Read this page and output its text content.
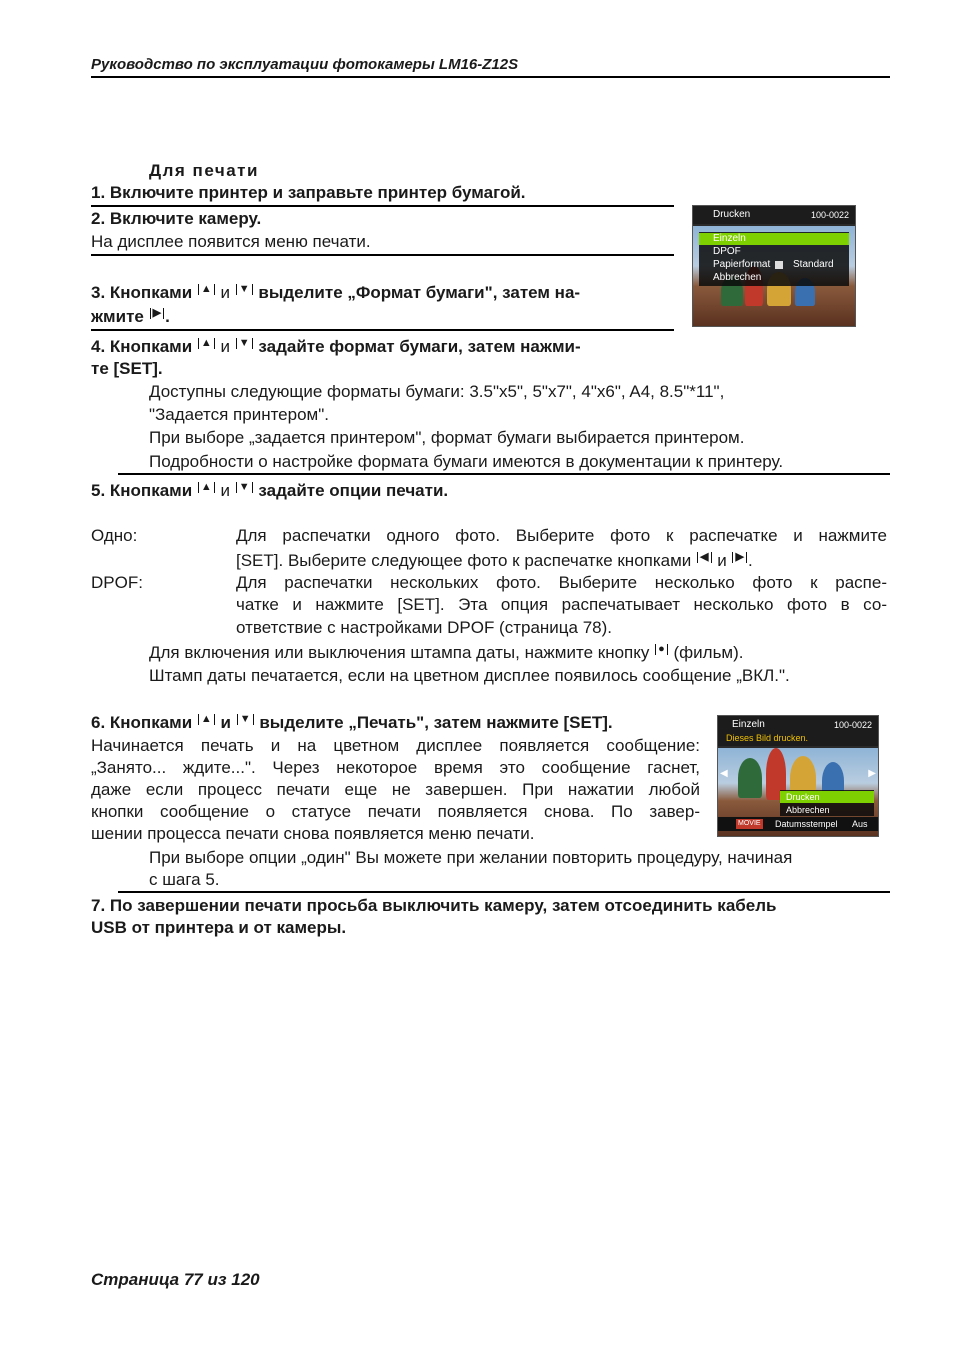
Руководство по эксплуатации фотокамеры LM16-Z12S
Для печати
1. Включите принтер и заправьте принтер бумагой.
2. Включите камеру.
На дисплее появится меню печати.
Drucken	100-0022
Einzeln
DPOF
Papierformat Standard
Abbrechen
3. Кнопками ▲ и ▼ выделите „Формат бумаги", затем на-
жмите ▶ .
4. Кнопками ▲ и ▼ задайте формат бумаги, затем нажми-
те [SET].
Доступны следующие форматы бумаги: 3.5"x5", 5"x7", 4"x6", A4, 8.5"*11",
"Задается принтером".
При выборе „задается принтером", формат бумаги выбирается принтером.
Подробности о настройке формата бумаги имеются в документации к принтеру.
5. Кнопками ▲ и ▼ задайте опции печати.
Одно:	Для распечатки одного фото. Выберите фото к распечатке и нажмите
[SET]. Выберите следующее фото к распечатке кнопками ◀ и ▶ .
DPOF:	Для распечатки нескольких фото. Выберите несколько фото к распе-
чатке и нажмите [SET]. Эта опция распечатывает несколько фото в со-
ответствие с настройками DPOF (страница 78).
Для включения или выключения штампа даты, нажмите кнопку ● (фильм).
Штамп даты печатается, если на цветном дисплее появилось сообщение „ВКЛ.".
6. Кнопками ▲ и ▼ выделите „Печать", затем нажмите [SET].
Начинается печать и на цветном дисплее появляется сообщение:
„Занято... ждите...". Через некоторое время это сообщение гаснет,
даже если процесс печати еще не завершен. При нажатии любой
кнопки сообщение о статусе печати появляется снова. По завер-
шении процесса печати снова появляется меню печати.
Einzeln	100-0022
Dieses Bild drucken.
◀	▶
Drucken
Abbrechen
MOVIE Datumsstempel Aus
При выборе опции „один" Вы можете при желании повторить процедуру, начиная
с шага 5.
7. По завершении печати просьба выключить камеру, затем отсоединить кабель
USB от принтера и от камеры.
Страница 77 из 120
